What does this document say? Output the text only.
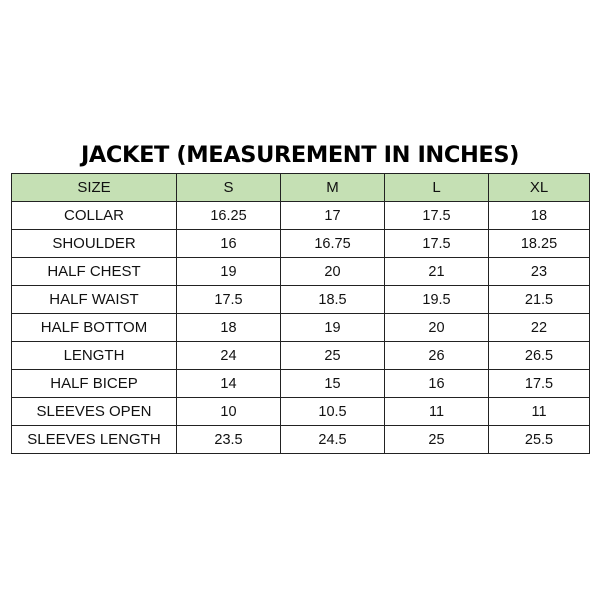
JACKET (MEASUREMENT IN INCHES)
SIZE	S	M	L	XL
COLLAR	16.25	17	17.5	18
SHOULDER	16	16.75	17.5	18.25
HALF CHEST	19	20	21	23
HALF WAIST	17.5	18.5	19.5	21.5
HALF BOTTOM	18	19	20	22
LENGTH	24	25	26	26.5
HALF BICEP	14	15	16	17.5
SLEEVES OPEN	10	10.5	11	11
SLEEVES LENGTH	23.5	24.5	25	25.5
